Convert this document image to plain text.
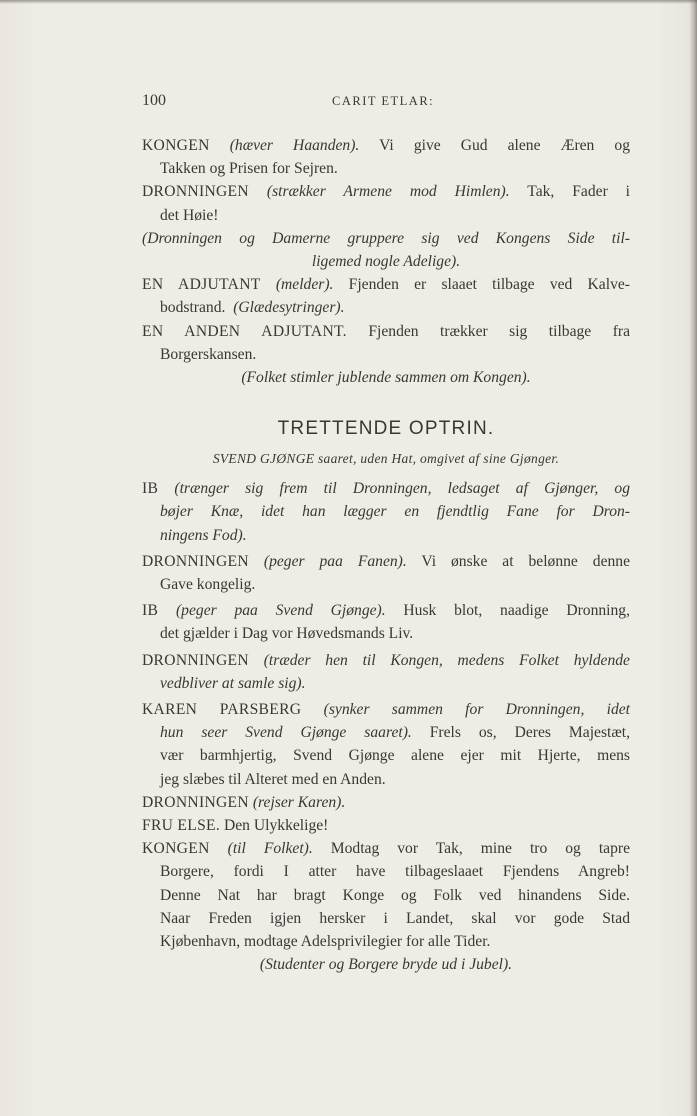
100	CARIT ETLAR:
KONGEN (hæver Haanden). Vi give Gud alene Æren og
Takken og Prisen for Sejren.
DRONNINGEN (strækker Armene mod Himlen). Tak, Fader i
det Høie!
(Dronningen og Damerne gruppere sig ved Kongens Side til-
ligemed nogle Adelige).
EN ADJUTANT (melder). Fjenden er slaaet tilbage ved Kalve-
bodstrand. (Glædesytringer).
EN ANDEN ADJUTANT. Fjenden trækker sig tilbage fra
Borgerskansen.
(Folket stimler jublende sammen om Kongen).
TRETTENDE OPTRIN.
SVEND GJØNGE saaret, uden Hat, omgivet af sine Gjønger.
IB (trænger sig frem til Dronningen, ledsaget af Gjønger, og
bøjer Knæ, idet han lægger en fjendtlig Fane for Dron-
ningens Fod).
DRONNINGEN (peger paa Fanen). Vi ønske at belønne denne
Gave kongelig.
IB (peger paa Svend Gjønge). Husk blot, naadige Dronning,
det gjælder i Dag vor Høvedsmands Liv.
DRONNINGEN (træder hen til Kongen, medens Folket hyldende
vedbliver at samle sig).
KAREN PARSBERG (synker sammen for Dronningen, idet
hun seer Svend Gjønge saaret). Frels os, Deres Majestæt,
vær barmhjertig, Svend Gjønge alene ejer mit Hjerte, mens
jeg slæbes til Alteret med en Anden.
DRONNINGEN (rejser Karen).
FRU ELSE. Den Ulykkelige!
KONGEN (til Folket). Modtag vor Tak, mine tro og tapre
Borgere, fordi I atter have tilbageslaaet Fjendens Angreb!
Denne Nat har bragt Konge og Folk ved hinandens Side.
Naar Freden igjen hersker i Landet, skal vor gode Stad
Kjøbenhavn, modtage Adelsprivilegier for alle Tider.
(Studenter og Borgere bryde ud i Jubel).
